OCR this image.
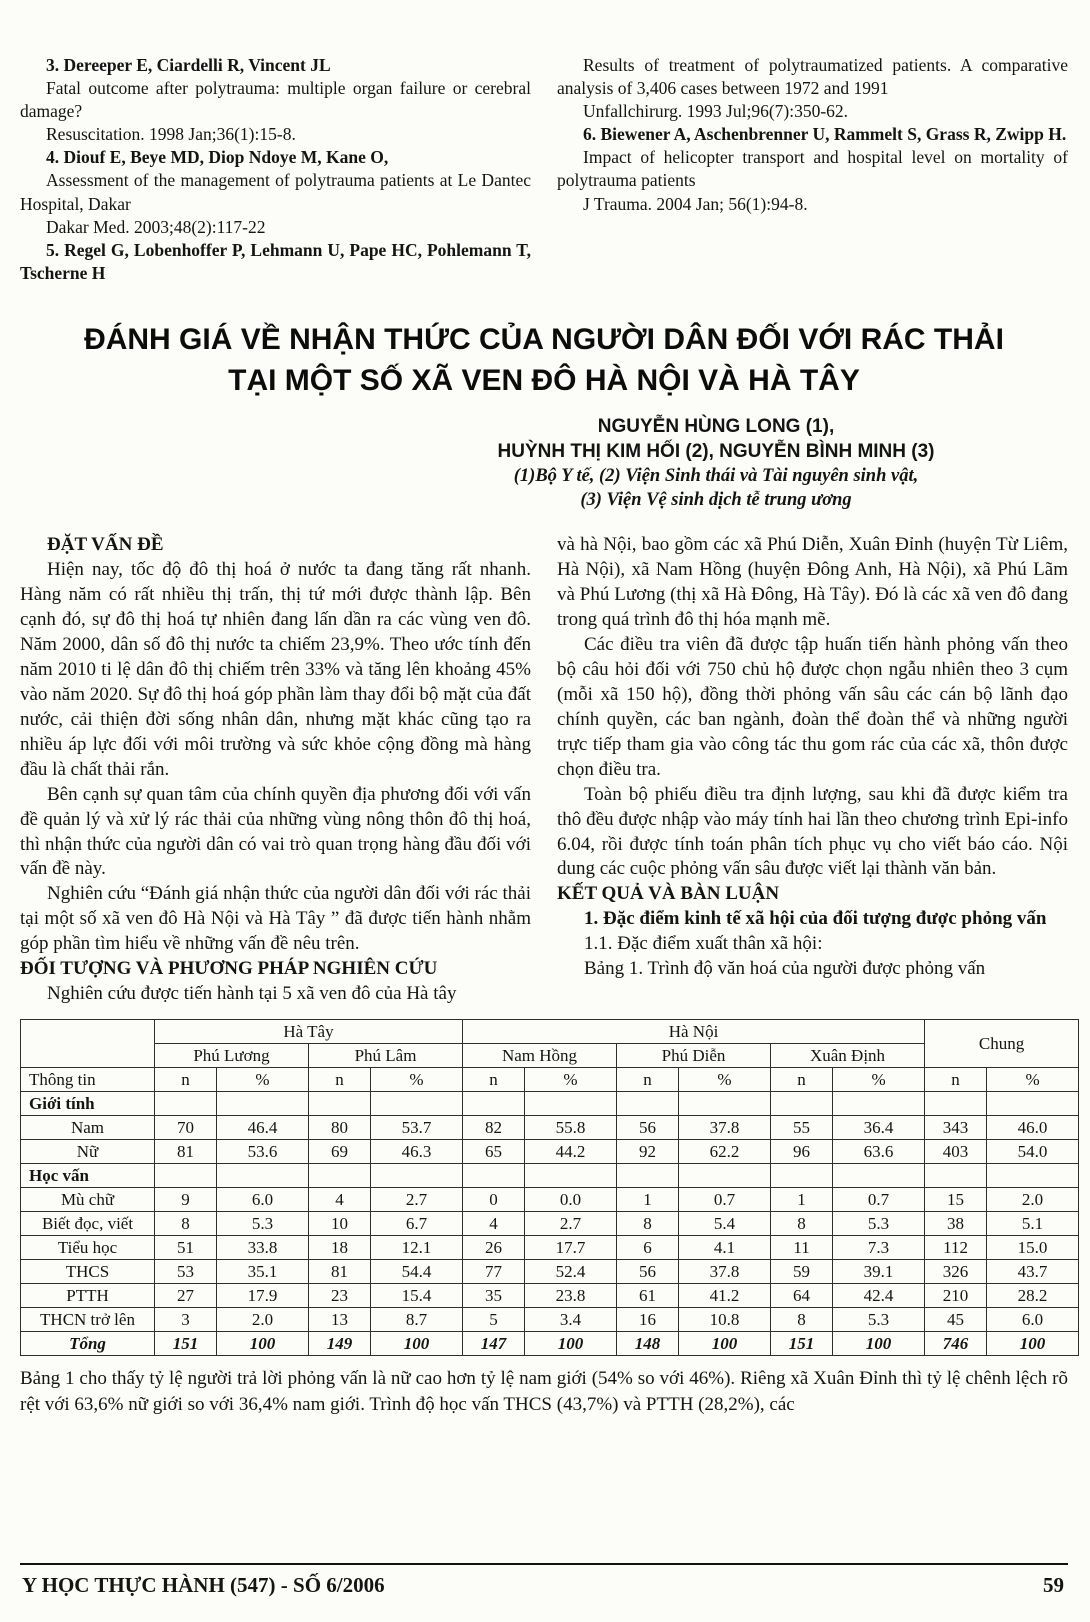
3. Dereeper E, Ciardelli R, Vincent JL

Fatal outcome after polytrauma: multiple organ failure or cerebral damage?

Resuscitation. 1998 Jan;36(1):15-8.

4. Diouf E, Beye MD, Diop Ndoye M, Kane O,

Assessment of the management of polytrauma patients at Le Dantec Hospital, Dakar

Dakar Med. 2003;48(2):117-22

5. Regel G, Lobenhoffer P, Lehmann U, Pape HC, Pohlemann T, Tscherne H

Results of treatment of polytraumatized patients. A comparative analysis of 3,406 cases between 1972 and 1991

Unfallchirurg. 1993 Jul;96(7):350-62.

6. Biewener A, Aschenbrenner U, Rammelt S, Grass R, Zwipp H.

Impact of helicopter transport and hospital level on mortality of polytrauma patients

J Trauma. 2004 Jan; 56(1):94-8.

ĐÁNH GIÁ VỀ NHẬN THỨC CỦA NGƯỜI DÂN ĐỐI VỚI RÁC THẢI
TẠI MỘT SỐ XÃ VEN ĐÔ HÀ NỘI VÀ HÀ TÂY

NGUYỄN HÙNG LONG (1),

HUỲNH THỊ KIM HỐI (2), NGUYỄN BÌNH MINH (3)

(1)Bộ Y tế, (2) Viện Sinh thái và Tài nguyên sinh vật,

(3) Viện Vệ sinh dịch tễ trung ương

ĐẶT VẤN ĐỀ

Hiện nay, tốc độ đô thị hoá ở nước ta đang tăng rất nhanh. Hàng năm có rất nhiều thị trấn, thị tứ mới được thành lập. Bên cạnh đó, sự đô thị hoá tự nhiên đang lấn dần ra các vùng ven đô. Năm 2000, dân số đô thị nước ta chiếm 23,9%. Theo ước tính đến năm 2010 ti lệ dân đô thị chiếm trên 33% và tăng lên khoảng 45% vào năm 2020. Sự đô thị hoá góp phần làm thay đổi bộ mặt của đất nước, cải thiện đời sống nhân dân, nhưng mặt khác cũng tạo ra nhiều áp lực đối với môi trường và sức khỏe cộng đồng mà hàng đầu là chất thải rắn.

Bên cạnh sự quan tâm của chính quyền địa phương đối với vấn đề quản lý và xử lý rác thải của những vùng nông thôn đô thị hoá, thì nhận thức của người dân có vai trò quan trọng hàng đầu đối với vấn đề này.

Nghiên cứu “Đánh giá nhận thức của người dân đối với rác thải tại một số xã ven đô Hà Nội và Hà Tây ” đã được tiến hành nhằm góp phần tìm hiểu về những vấn đề nêu trên.

ĐỐI TƯỢNG VÀ PHƯƠNG PHÁP NGHIÊN CỨU

Nghiên cứu được tiến hành tại 5 xã ven đô của Hà tây

và hà Nội, bao gồm các xã Phú Diễn, Xuân Đỉnh (huyện Từ Liêm, Hà Nội), xã Nam Hồng (huyện Đông Anh, Hà Nội), xã Phú Lãm và Phú Lương (thị xã Hà Đông, Hà Tây). Đó là các xã ven đô đang trong quá trình đô thị hóa mạnh mẽ.

Các điều tra viên đã được tập huấn tiến hành phỏng vấn theo bộ câu hỏi đối với 750 chủ hộ được chọn ngẫu nhiên theo 3 cụm (mỗi xã 150 hộ), đồng thời phỏng vấn sâu các cán bộ lãnh đạo chính quyền, các ban ngành, đoàn thể đoàn thể và những người trực tiếp tham gia vào công tác thu gom rác của các xã, thôn được chọn điều tra.

Toàn bộ phiếu điều tra định lượng, sau khi đã được kiểm tra thô đều được nhập vào máy tính hai lần theo chương trình Epi-info 6.04, rồi được tính toán phân tích phục vụ cho viết báo cáo. Nội dung các cuộc phỏng vấn sâu được viết lại thành văn bản.

KẾT QUẢ VÀ BÀN LUẬN

1. Đặc điểm kinh tế xã hội của đối tượng được phỏng vấn

1.1. Đặc điểm xuất thân xã hội:

Bảng 1. Trình độ văn hoá của người được phỏng vấn

	Hà Tây				Hà Nội						Chung	
	Phú Lương		Phú Lâm		Nam Hồng		Phú Diễn		Xuân Định			
Thông tin	n	%	n	%	n	%	n	%	n	%	n	%
Giới tính												
Nam	70	46.4	80	53.7	82	55.8	56	37.8	55	36.4	343	46.0
Nữ	81	53.6	69	46.3	65	44.2	92	62.2	96	63.6	403	54.0
Học vấn												
Mù chữ	9	6.0	4	2.7	0	0.0	1	0.7	1	0.7	15	2.0
Biết đọc, viết	8	5.3	10	6.7	4	2.7	8	5.4	8	5.3	38	5.1
Tiểu học	51	33.8	18	12.1	26	17.7	6	4.1	11	7.3	112	15.0
THCS	53	35.1	81	54.4	77	52.4	56	37.8	59	39.1	326	43.7
PTTH	27	17.9	23	15.4	35	23.8	61	41.2	64	42.4	210	28.2
THCN trở lên	3	2.0	13	8.7	5	3.4	16	10.8	8	5.3	45	6.0
Tổng	151	100	149	100	147	100	148	100	151	100	746	100

Bảng 1 cho thấy tỷ lệ người trả lời phỏng vấn là nữ cao hơn tỷ lệ nam giới (54% so với 46%). Riêng xã Xuân Đỉnh thì tỷ lệ chênh lệch rõ rệt với 63,6% nữ giới so với 36,4% nam giới. Trình độ học vấn THCS (43,7%) và PTTH (28,2%), các

Y HỌC THỰC HÀNH (547) - SỐ 6/2006	59
